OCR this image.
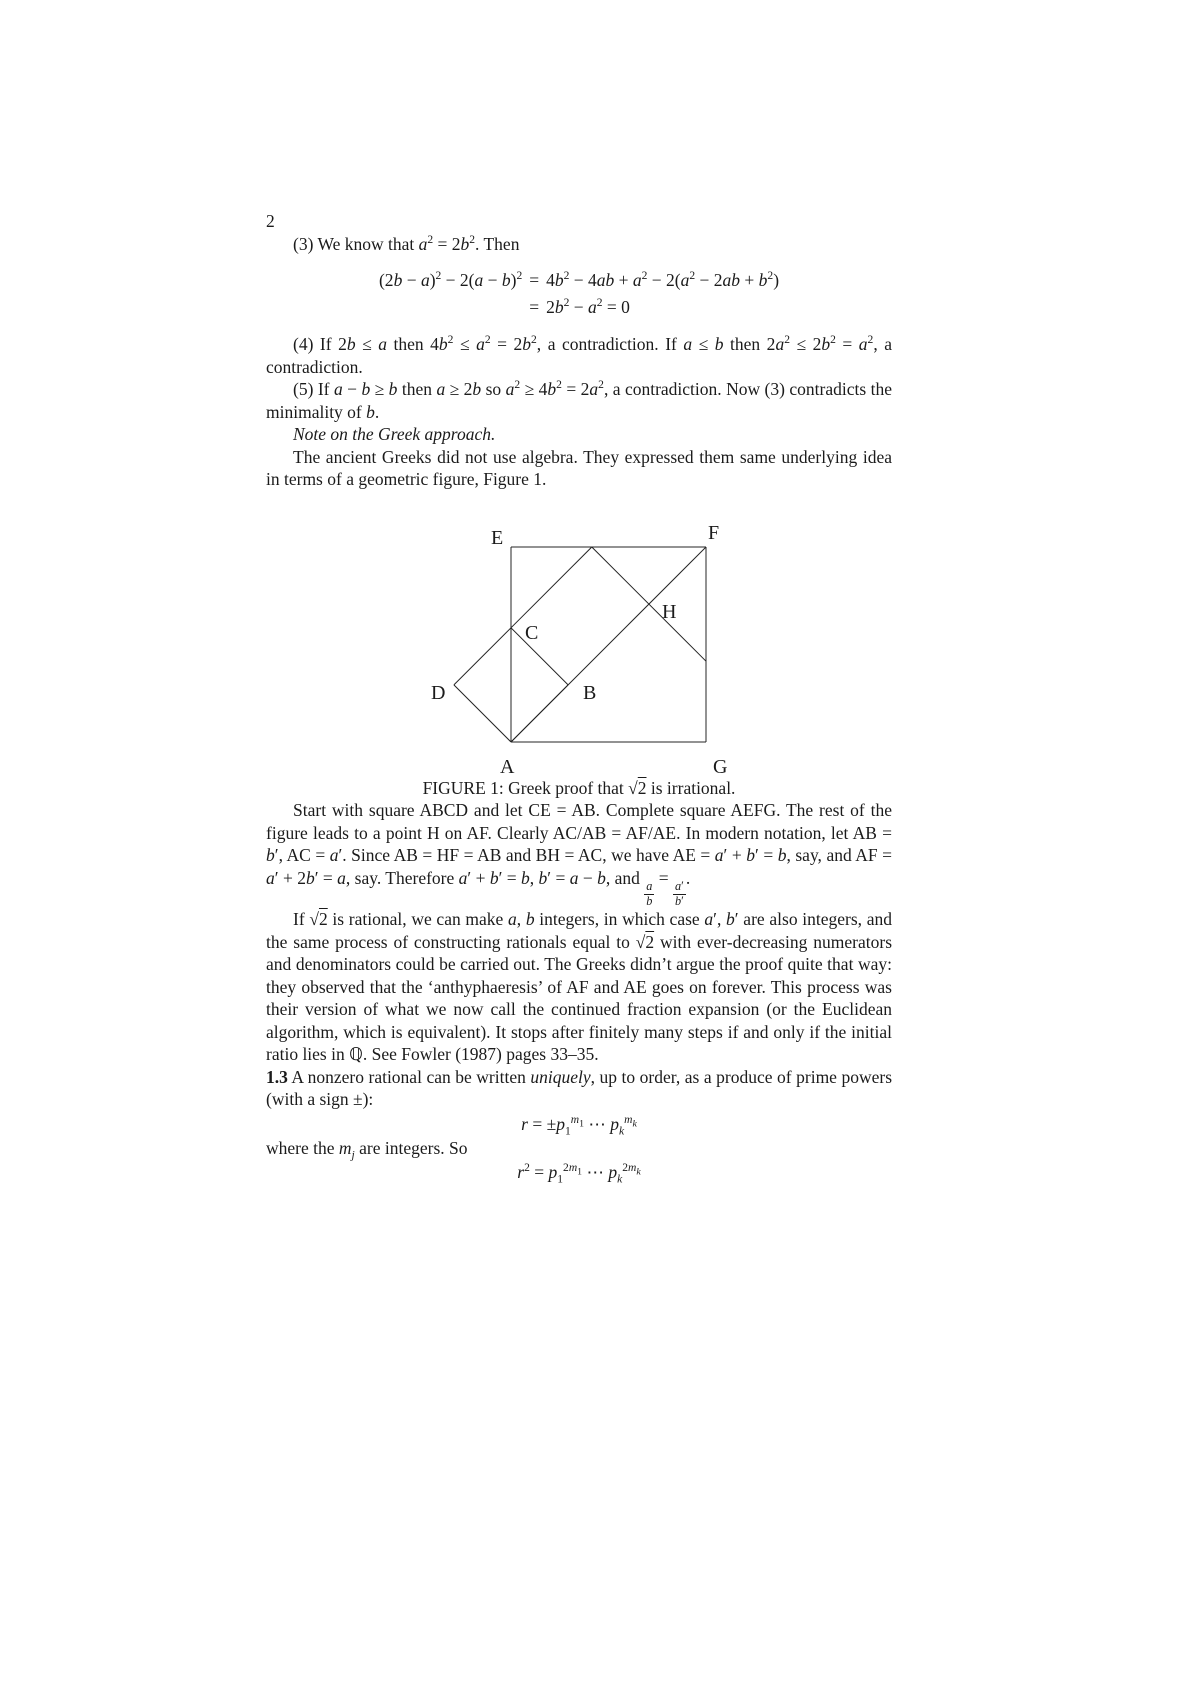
2

(3) We know that $a^2 = 2b^2$. Then

$(2b - a)^2 - 2(a - b)^2 = 4b^2 - 4ab + a^2 - 2(a^2 - 2ab + b^2)$
= $2b^2 - a^2 = 0$

(4) If 2b ≤ a then $4b^2 \le a^2 = 2b^2$, a contradiction. If a ≤ b then $2a^2 \le 2b^2 = a^2$, a contradiction.

(5) If a − b ≥ b then a ≥ 2b so $a^2 \ge 4b^2 = 2a^2$, a contradiction. Now (3) contradicts the minimality of b.

Note on the Greek approach.

The ancient Greeks did not use algebra. They expressed them same underlying idea in terms of a geometric figure, Figure 1.

E	F
H
C
D	B
A	G

FIGURE 1: Greek proof that √2 is irrational.

Start with square ABCD and let CE = AB. Complete square AEFG. The rest of the figure leads to a point H on AF. Clearly AC/AB = AF/AE. In modern notation, let AB = b′, AC = a′. Since AB = HF = AB and BH = AC, we have AE = a′ + b′ = b, say, and AF = a′ + 2b′ = a, say. Therefore a′ + b′ = b, b′ = a − b, and
$\frac{a}{b}$
=
$\frac{a'}{b'}$
.

If √2 is rational, we can make a, b integers, in which case a′, b′ are also integers, and the same process of constructing rationals equal to √2 with ever-decreasing numerators and denominators could be carried out. The Greeks didn’t argue the proof quite that way: they observed that the ‘anthyphaeresis’ of AF and AE goes on forever. This process was their version of what we now call the continued fraction expansion (or the Euclidean algorithm, which is equivalent). It stops after finitely many steps if and only if the initial ratio lies in ℚ. See Fowler (1987) pages 33–35.

1.3 A nonzero rational can be written uniquely, up to order, as a produce of prime powers (with a sign ±):

$r = \pm p_1^{m_1}$ ⋯ $p_k^{m_k}$

where the $m_j$ are integers. So

$r^2 = p_1^{2m_1}$ ⋯ $p_k^{2m_k}$
